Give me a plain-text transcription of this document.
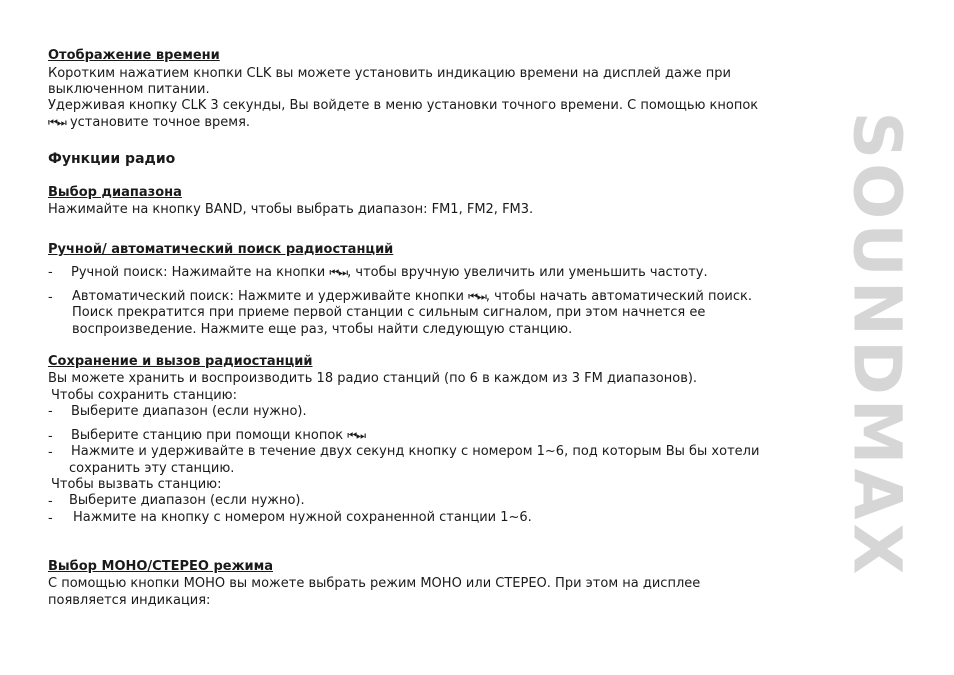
SOUNDMAX
Отображение времени
Коротким нажатием кнопки CLK вы можете установить индикацию времени на дисплей даже при
выключенном питании.
Удерживая кнопку CLK 3 секунды, Вы войдете в меню установки точного времени. С помощью кнопок
⏮⏭ установите точное время.
Функции радио
Выбор диапазона
Нажимайте на кнопку BAND, чтобы выбрать диапазон: FM1, FM2, FM3.
Ручной/ автоматический поиск радиостанций
- Ручной поиск: Нажимайте на кнопки ⏮⏭, чтобы вручную увеличить или уменьшить частоту.
- Автоматический поиск: Нажмите и удерживайте кнопки ⏮⏭, чтобы начать автоматический поиск.
Поиск прекратится при приеме первой станции с сильным сигналом, при этом начнется ее
воспроизведение. Нажмите еще раз, чтобы найти следующую станцию.
Сохранение и вызов радиостанций
Вы можете хранить и воспроизводить 18 радио станций (по 6 в каждом из 3 FM диапазонов).
Чтобы сохранить станцию:
- Выберите диапазон (если нужно).
- Выберите станцию при помощи кнопок ⏮⏭
- Нажмите и удерживайте в течение двух секунд кнопку с номером 1~6, под которым Вы бы хотели
сохранить эту станцию.
Чтобы вызвать станцию:
- Выберите диапазон (если нужно).
- Нажмите на кнопку с номером нужной сохраненной станции 1~6.
Выбор МОНО/СТЕРЕО режима
С помощью кнопки МОНО вы можете выбрать режим МОНО или СТЕРЕО. При этом на дисплее
появляется индикация:
